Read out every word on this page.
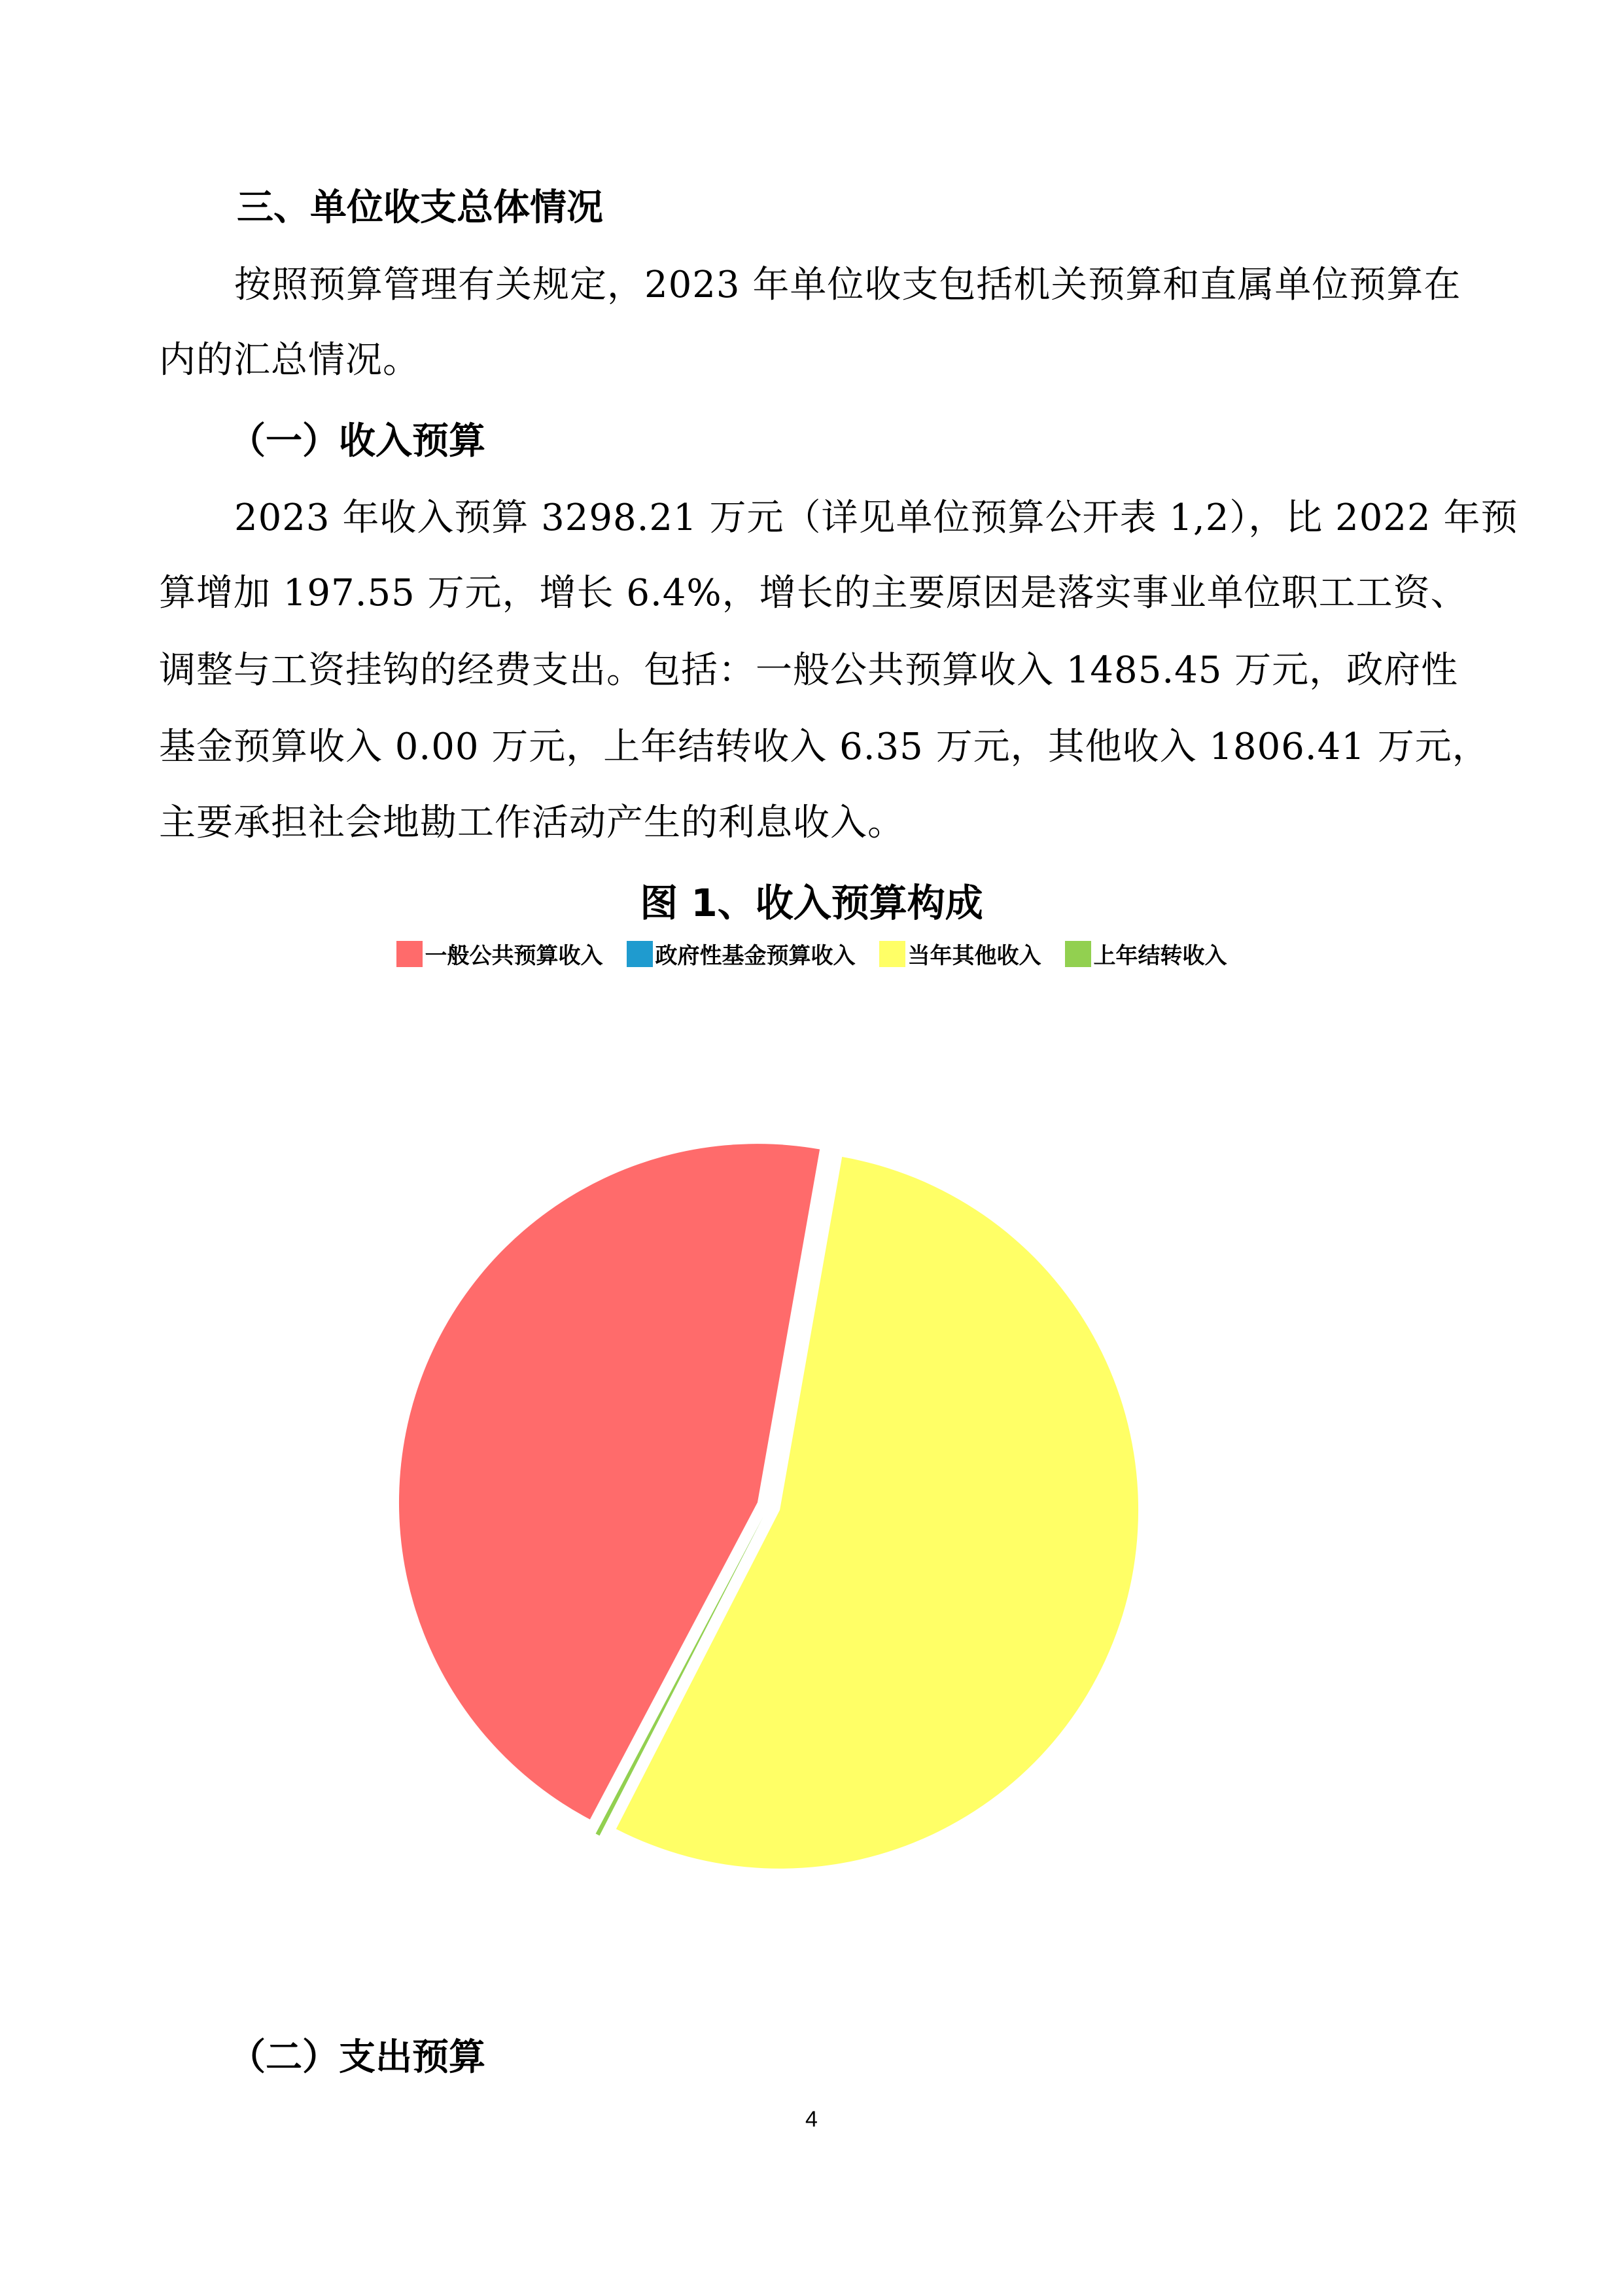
三、单位收支总体情况
按照预算管理有关规定，2023 年单位收支包括机关预算和直属单位预算在
内的汇总情况。
（一）收入预算
2023 年收入预算 3298.21 万元（详见单位预算公开表 1,2），比 2022 年预
算增加 197.55 万元，增长 6.4%，增长的主要原因是落实事业单位职工工资、
调整与工资挂钩的经费支出。包括：一般公共预算收入 1485.45 万元，政府性
基金预算收入 0.00 万元，上年结转收入 6.35 万元，其他收入 1806.41 万元，
主要承担社会地勘工作活动产生的利息收入。
图 1、收入预算构成
一般公共预算收入 政府性基金预算收入 当年其他收入 上年结转收入
（二）支出预算
4
